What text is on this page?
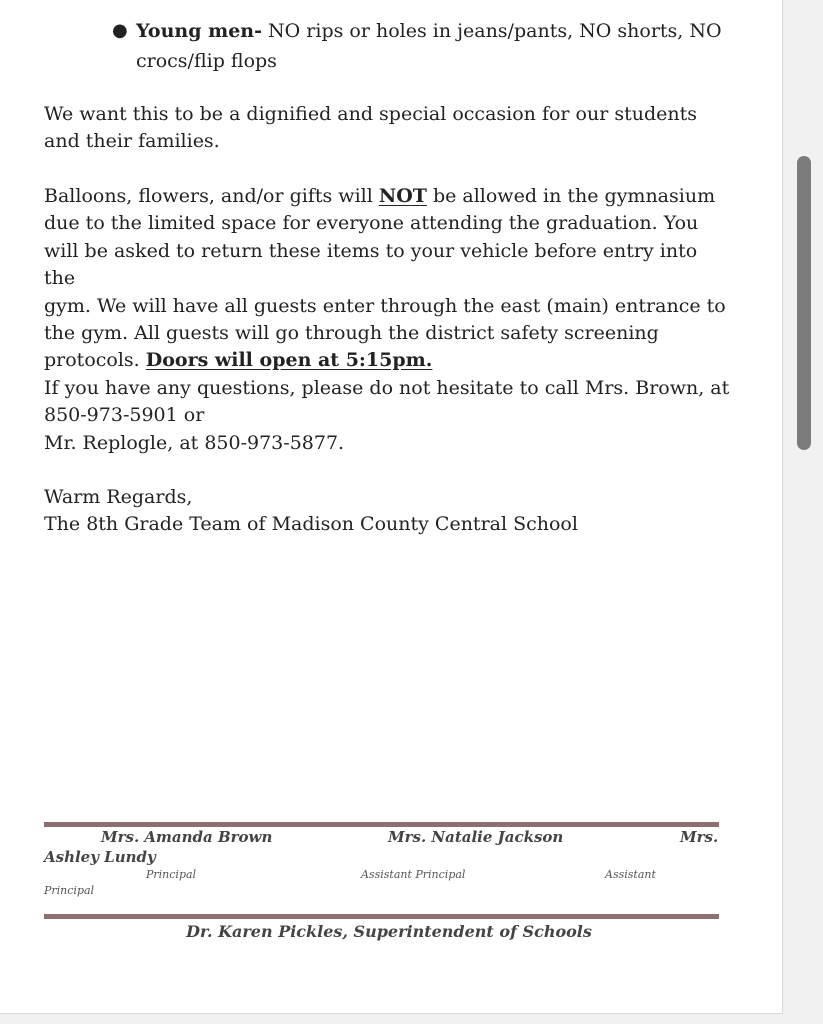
● Young men- NO rips or holes in jeans/pants, NO shorts, NO
crocs/flip flops
We want this to be a dignified and special occasion for our students
and their families.
Balloons, flowers, and/or gifts will NOT be allowed in the gymnasium
due to the limited space for everyone attending the graduation. You
will be asked to return these items to your vehicle before entry into the
gym. We will have all guests enter through the east (main) entrance to
the gym. All guests will go through the district safety screening
protocols. Doors will open at 5:15pm.
If you have any questions, please do not hesitate to call Mrs. Brown, at
850-973-5901 or
Mr. Replogle, at 850-973-5877.
Warm Regards,
The 8th Grade Team of Madison County Central School
Mrs. Amanda Brown	Mrs. Natalie Jackson	Mrs.
Ashley Lundy
Principal	Assistant Principal	Assistant
Principal
Dr. Karen Pickles, Superintendent of Schools
